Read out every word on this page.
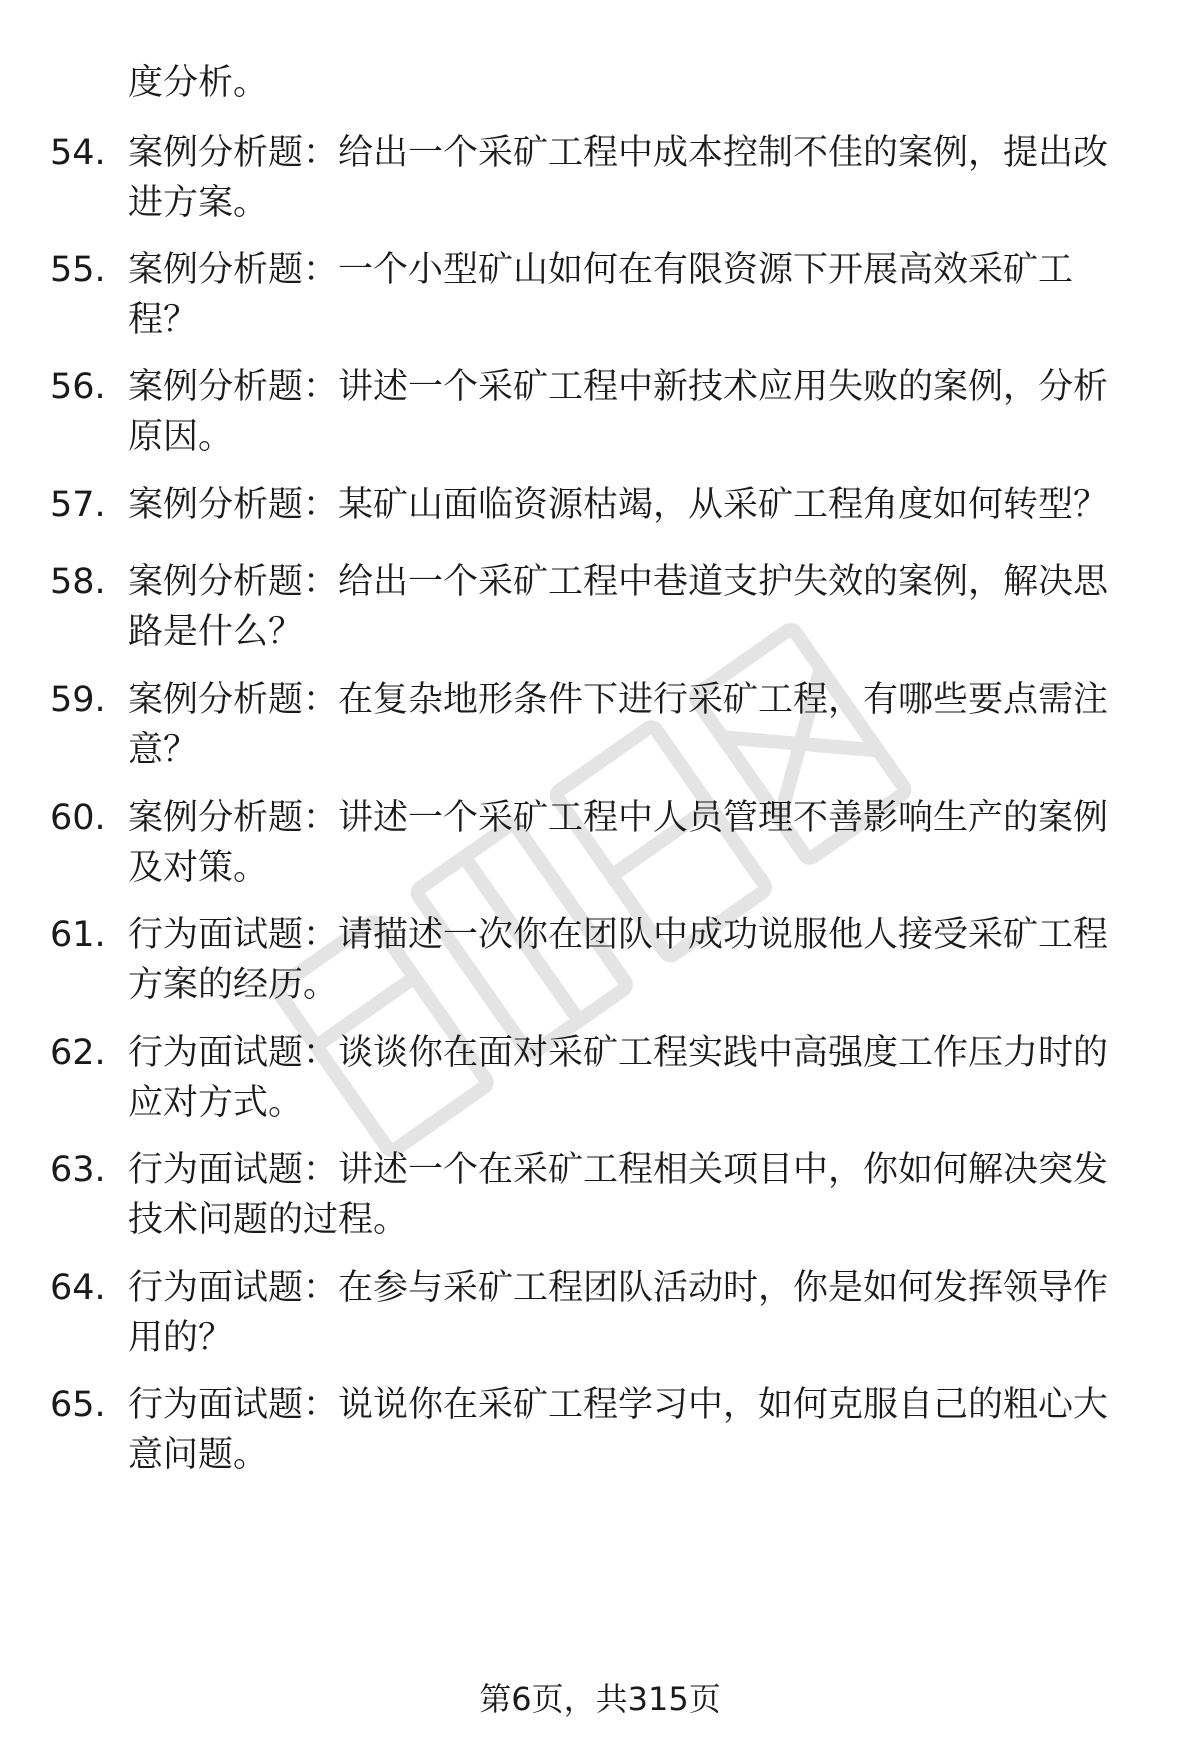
度分析。

54. 案例分析题：给出一个采矿工程中成本控制不佳的案例，提出改进方案。
55. 案例分析题：一个小型矿山如何在有限资源下开展高效采矿工程？
56. 案例分析题：讲述一个采矿工程中新技术应用失败的案例，分析原因。
57. 案例分析题：某矿山面临资源枯竭，从采矿工程角度如何转型？
58. 案例分析题：给出一个采矿工程中巷道支护失效的案例，解决思路是什么？
59. 案例分析题：在复杂地形条件下进行采矿工程，有哪些要点需注意？
60. 案例分析题：讲述一个采矿工程中人员管理不善影响生产的案例及对策。
61. 行为面试题：请描述一次你在团队中成功说服他人接受采矿工程方案的经历。
62. 行为面试题：谈谈你在面对采矿工程实践中高强度工作压力时的应对方式。
63. 行为面试题：讲述一个在采矿工程相关项目中，你如何解决突发技术问题的过程。
64. 行为面试题：在参与采矿工程团队活动时，你是如何发挥领导作用的？
65. 行为面试题：说说你在采矿工程学习中，如何克服自己的粗心大意问题。
第6页，共315页
